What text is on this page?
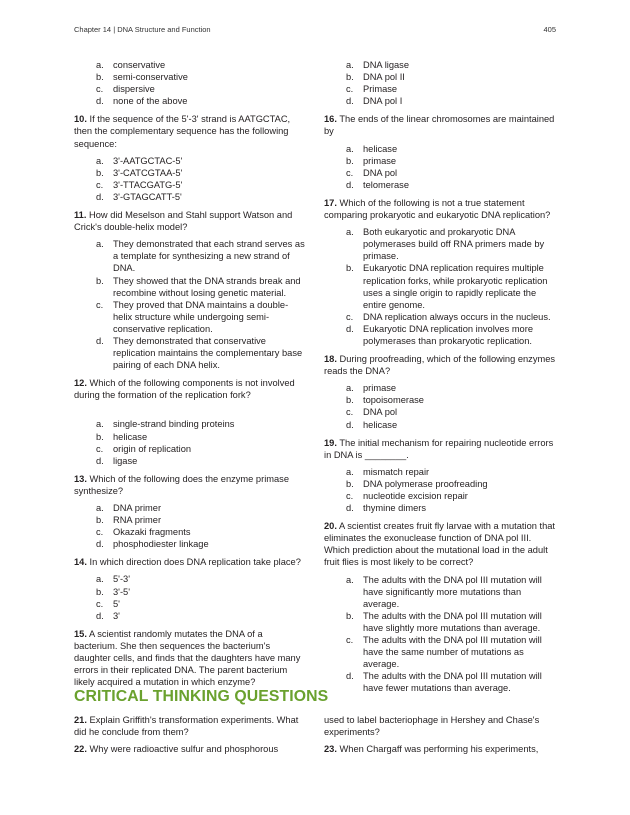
Chapter 14 | DNA Structure and Function	405
a. conservative
b. semi-conservative
c. dispersive
d. none of the above

10. If the sequence of the 5'-3' strand is AATGCTAC, then the complementary sequence has the following sequence:

a. 3'-AATGCTAC-5'
b. 3'-CATCGTAA-5'
c. 3'-TTACGATG-5'
d. 3'-GTAGCATT-5'

11. How did Meselson and Stahl support Watson and Crick's double-helix model?

a. They demonstrated that each strand serves as a template for synthesizing a new strand of DNA.
b. They showed that the DNA strands break and recombine without losing genetic material.
c. They proved that DNA maintains a double-helix structure while undergoing semi-conservative replication.
d. They demonstrated that conservative replication maintains the complementary base pairing of each DNA helix.

12. Which of the following components is not involved during the formation of the replication fork?

a. single-strand binding proteins
b. helicase
c. origin of replication
d. ligase

13. Which of the following does the enzyme primase synthesize?

a. DNA primer
b. RNA primer
c. Okazaki fragments
d. phosphodiester linkage

14. In which direction does DNA replication take place?

a. 5'-3'
b. 3'-5'
c. 5'
d. 3'

15. A scientist randomly mutates the DNA of a bacterium. She then sequences the bacterium's daughter cells, and finds that the daughters have many errors in their replicated DNA. The parent bacterium likely acquired a mutation in which enzyme?

a. DNA ligase
b. DNA pol II
c. Primase
d. DNA pol I

16. The ends of the linear chromosomes are maintained by

a. helicase
b. primase
c. DNA pol
d. telomerase

17. Which of the following is not a true statement comparing prokaryotic and eukaryotic DNA replication?

a. Both eukaryotic and prokaryotic DNA polymerases build off RNA primers made by primase.
b. Eukaryotic DNA replication requires multiple replication forks, while prokaryotic replication uses a single origin to rapidly replicate the entire genome.
c. DNA replication always occurs in the nucleus.
d. Eukaryotic DNA replication involves more polymerases than prokaryotic replication.

18. During proofreading, which of the following enzymes reads the DNA?

a. primase
b. topoisomerase
c. DNA pol
d. helicase

19. The initial mechanism for repairing nucleotide errors in DNA is ________.

a. mismatch repair
b. DNA polymerase proofreading
c. nucleotide excision repair
d. thymine dimers

20. A scientist creates fruit fly larvae with a mutation that eliminates the exonuclease function of DNA pol III. Which prediction about the mutational load in the adult fruit flies is most likely to be correct?

a. The adults with the DNA pol III mutation will have significantly more mutations than average.
b. The adults with the DNA pol III mutation will have slightly more mutations than average.
c. The adults with the DNA pol III mutation will have the same number of mutations as average.
d. The adults with the DNA pol III mutation will have fewer mutations than average.
CRITICAL THINKING QUESTIONS

21. Explain Griffith's transformation experiments. What did he conclude from them?

22. Why were radioactive sulfur and phosphorous

used to label bacteriophage in Hershey and Chase's experiments?

23. When Chargaff was performing his experiments,
